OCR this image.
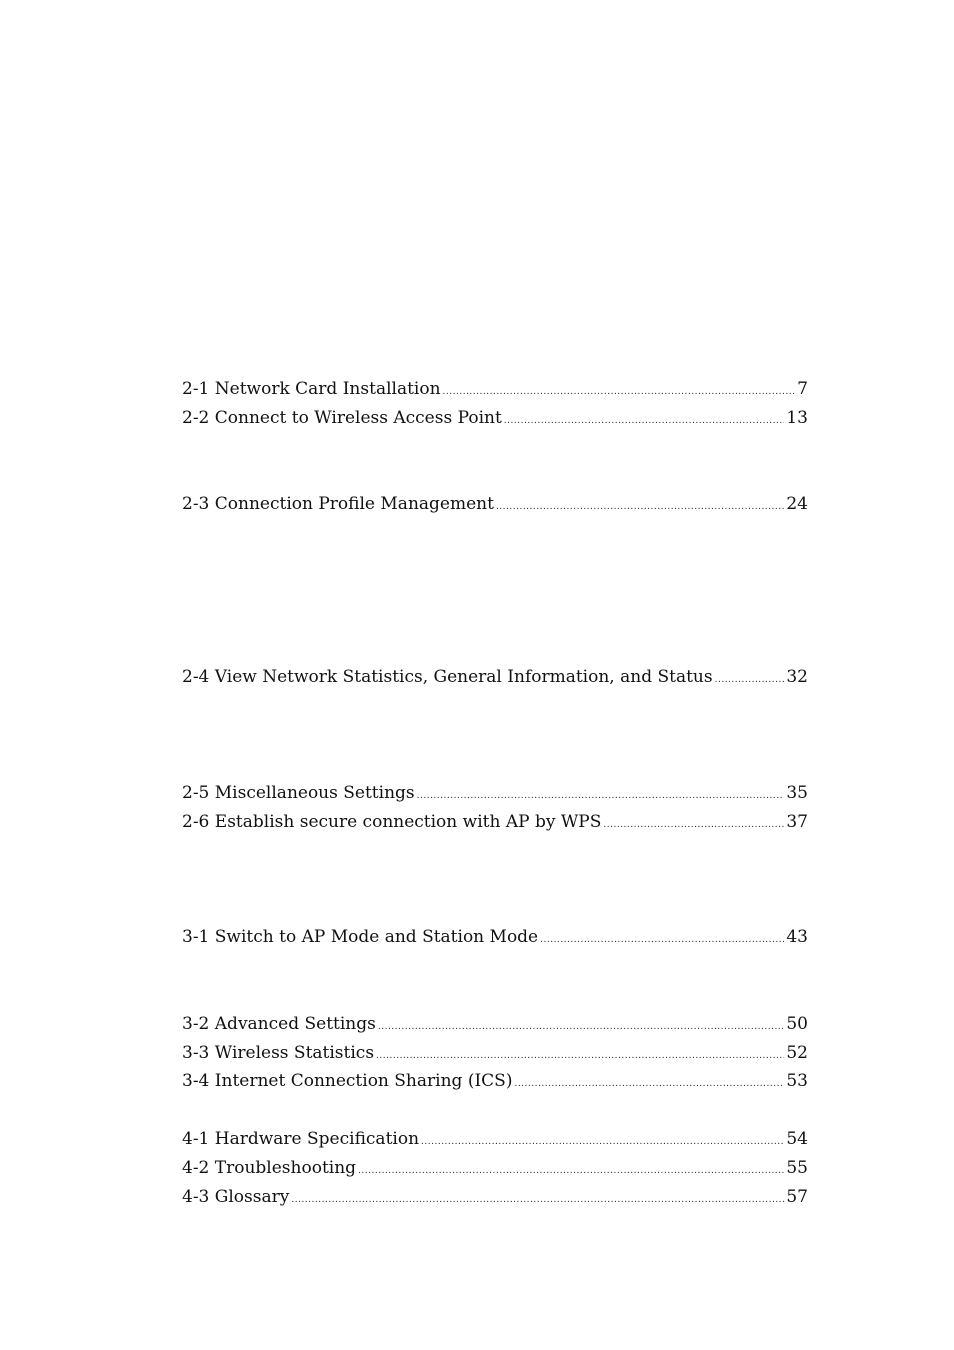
2-1 Network Card Installation .....	7
2-2 Connect to Wireless Access Point .....	13
2-3 Connection Profile Management .....	24
2-4 View Network Statistics, General Information, and Status .....	32
2-5 Miscellaneous Settings .....	35
2-6 Establish secure connection with AP by WPS .....	37
3-1 Switch to AP Mode and Station Mode .....	43
3-2 Advanced Settings .....	50
3-3 Wireless Statistics .....	52
3-4 Internet Connection Sharing (ICS) .....	53
4-1 Hardware Specification .....	54
4-2 Troubleshooting .....	55
4-3 Glossary .....	57
